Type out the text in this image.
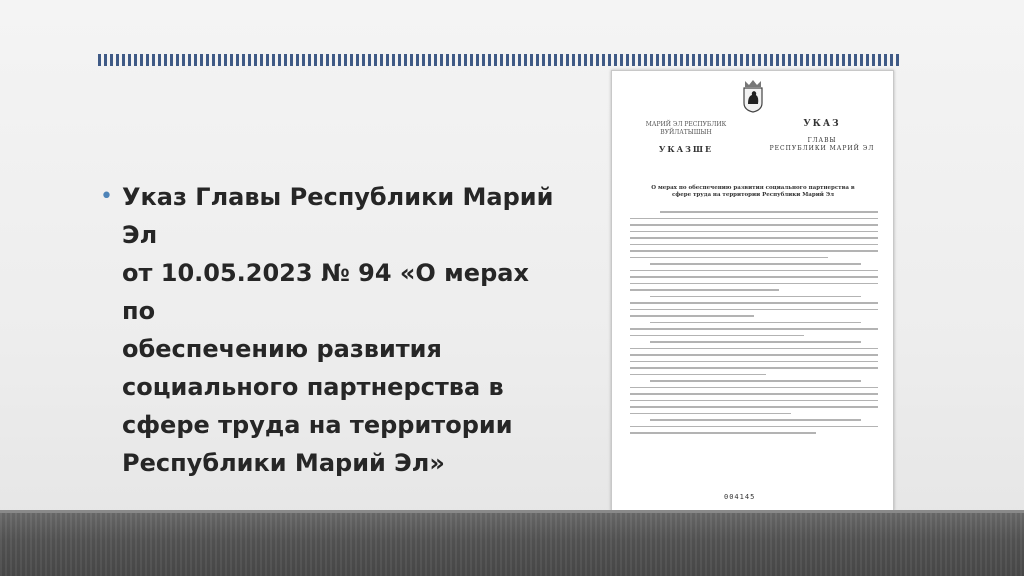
• Указ Главы Республики Марий Эл
от 10.05.2023 № 94 «О мерах по
обеспечению развития
социального партнерства в
сфере труда на территории
Республики Марий Эл»
МАРИЙ ЭЛ РЕСПУБЛИК
ВУЙЛАТЫШЫН
УКАЗШЕ
УКАЗ
ГЛАВЫ
РЕСПУБЛИКИ МАРИЙ ЭЛ
О мерах по обеспечению развития социального партнерства в сфере труда на территории Республики Марий Эл
004145
